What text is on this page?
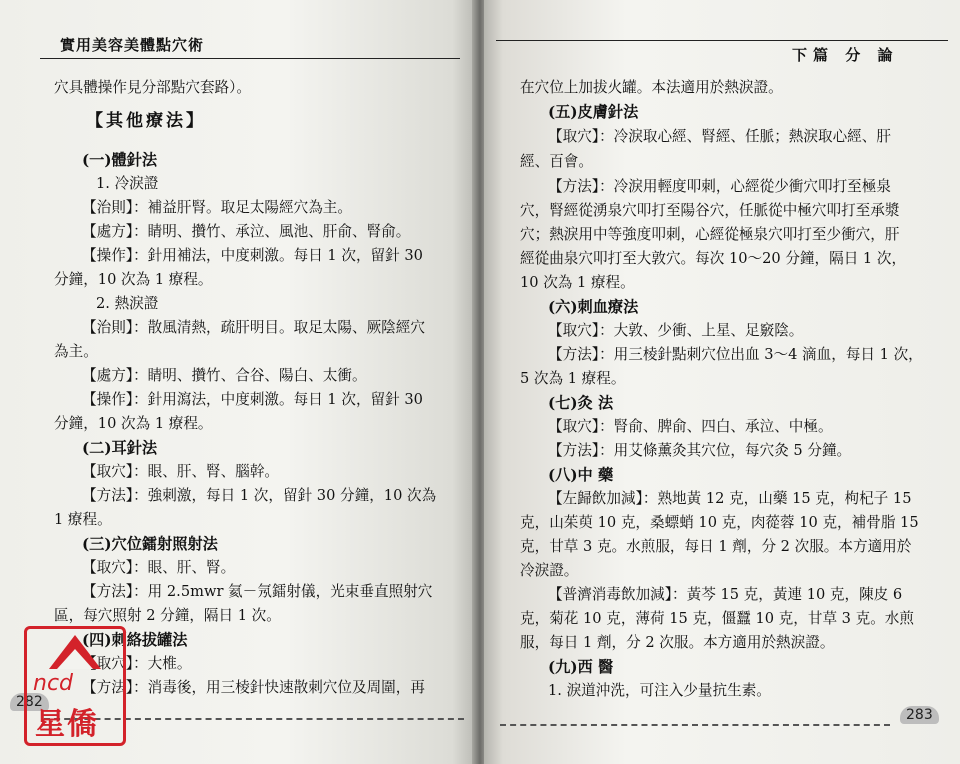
實用美容美體點穴術
穴具體操作見分部點穴套路）。
【其他療法】
(一)體針法
1. 冷淚證
【治則】：補益肝腎。取足太陽經穴為主。
【處方】：睛明、攢竹、承泣、風池、肝俞、腎俞。
【操作】：針用補法，中度刺激。每日 1 次，留針 30
分鐘，10 次為 1 療程。
2. 熱淚證
【治則】：散風清熱，疏肝明目。取足太陽、厥陰經穴
為主。
【處方】：睛明、攢竹、合谷、陽白、太衝。
【操作】：針用瀉法，中度刺激。每日 1 次，留針 30
分鐘，10 次為 1 療程。
(二)耳針法
【取穴】：眼、肝、腎、腦幹。
【方法】：強刺激，每日 1 次，留針 30 分鐘，10 次為
1 療程。
(三)穴位鐳射照射法
【取穴】：眼、肝、腎。
【方法】：用 2.5mwr 氦－氖鐳射儀，光束垂直照射穴
區，每穴照射 2 分鐘，隔日 1 次。
(四)刺絡拔罐法
【取穴】：大椎。
【方法】：消毒後，用三棱針快速散刺穴位及周圍，再
282
ncd
星僑
下篇 分 論
在穴位上加拔火罐。本法適用於熱淚證。
(五)皮膚針法
【取穴】：冷淚取心經、腎經、任脈；熱淚取心經、肝
經、百會。
【方法】：冷淚用輕度叩刺，心經從少衝穴叩打至極泉
穴，腎經從湧泉穴叩打至陽谷穴，任脈從中極穴叩打至承漿
穴；熱淚用中等強度叩刺，心經從極泉穴叩打至少衝穴，肝
經從曲泉穴叩打至大敦穴。每次 10～20 分鐘，隔日 1 次，
10 次為 1 療程。
(六)刺血療法
【取穴】：大敦、少衝、上星、足竅陰。
【方法】：用三棱針點刺穴位出血 3～4 滴血，每日 1 次，
5 次為 1 療程。
(七)灸 法
【取穴】：腎俞、脾俞、四白、承泣、中極。
【方法】：用艾條薰灸其穴位，每穴灸 5 分鐘。
(八)中 藥
【左歸飲加減】：熟地黃 12 克，山藥 15 克，枸杞子 15
克，山茱萸 10 克，桑螵蛸 10 克，肉蓯蓉 10 克，補骨脂 15
克，甘草 3 克。水煎服，每日 1 劑，分 2 次服。本方適用於
冷淚證。
【普濟消毒飲加減】：黃芩 15 克，黃連 10 克，陳皮 6
克，菊花 10 克，薄荷 15 克，僵蠶 10 克，甘草 3 克。水煎
服，每日 1 劑，分 2 次服。本方適用於熱淚證。
(九)西 醫
1. 淚道沖洗，可注入少量抗生素。
283
